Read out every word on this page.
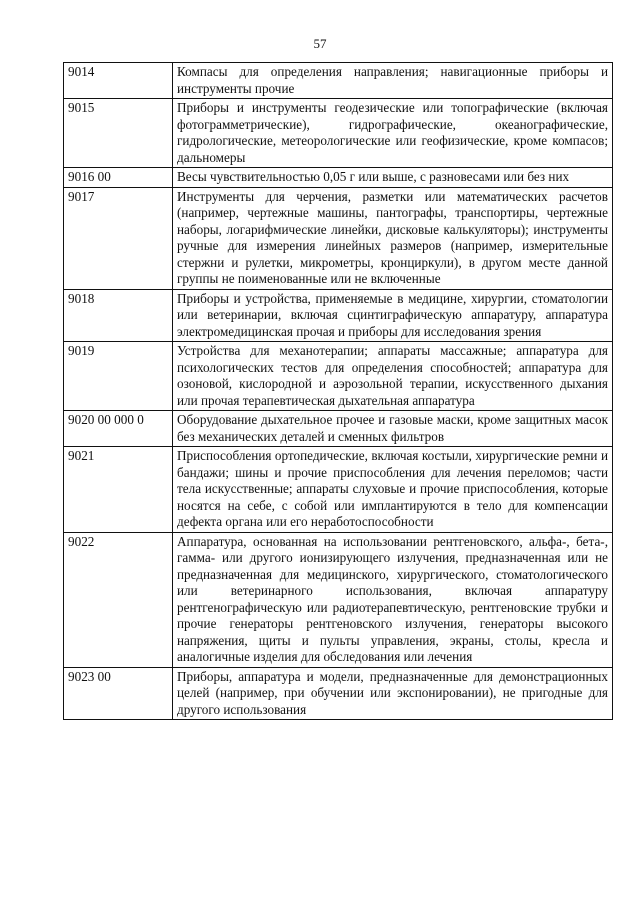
57
9014	Компасы для определения направления; навигационные приборы и инструменты прочие
9015	Приборы и инструменты геодезические или топографические (включая фотограмметрические), гидрографические, океанографические, гидрологические, метеорологические или геофизические, кроме компасов; дальномеры
9016 00	Весы чувствительностью 0,05 г или выше, с разновесами или без них
9017	Инструменты для черчения, разметки или математических расчетов (например, чертежные машины, пантографы, транспортиры, чертежные наборы, логарифмические линейки, дисковые калькуляторы); инструменты ручные для измерения линейных размеров (например, измерительные стержни и рулетки, микрометры, кронциркули), в другом месте данной группы не поименованные или не включенные
9018	Приборы и устройства, применяемые в медицине, хирургии, стоматологии или ветеринарии, включая сцинтиграфическую аппаратуру, аппаратура электромедицинская прочая и приборы для исследования зрения
9019	Устройства для механотерапии; аппараты массажные; аппаратура для психологических тестов для определения способностей; аппаратура для озоновой, кислородной и аэрозольной терапии, искусственного дыхания или прочая терапевтическая дыхательная аппаратура
9020 00 000 0	Оборудование дыхательное прочее и газовые маски, кроме защитных масок без механических деталей и сменных фильтров
9021	Приспособления ортопедические, включая костыли, хирургические ремни и бандажи; шины и прочие приспособления для лечения переломов; части тела искусственные; аппараты слуховые и прочие приспособления, которые носятся на себе, с собой или имплантируются в тело для компенсации дефекта органа или его неработоспособности
9022	Аппаратура, основанная на использовании рентгеновского, альфа-, бета-, гамма- или другого ионизирующего излучения, предназначенная или не предназначенная для медицинского, хирургического, стоматологического или ветеринарного использования, включая аппаратуру рентгенографическую или радиотерапевтическую, рентгеновские трубки и прочие генераторы рентгеновского излучения, генераторы высокого напряжения, щиты и пульты управления, экраны, столы, кресла и аналогичные изделия для обследования или лечения
9023 00	Приборы, аппаратура и модели, предназначенные для демонстрационных целей (например, при обучении или экспонировании), не пригодные для другого использования
